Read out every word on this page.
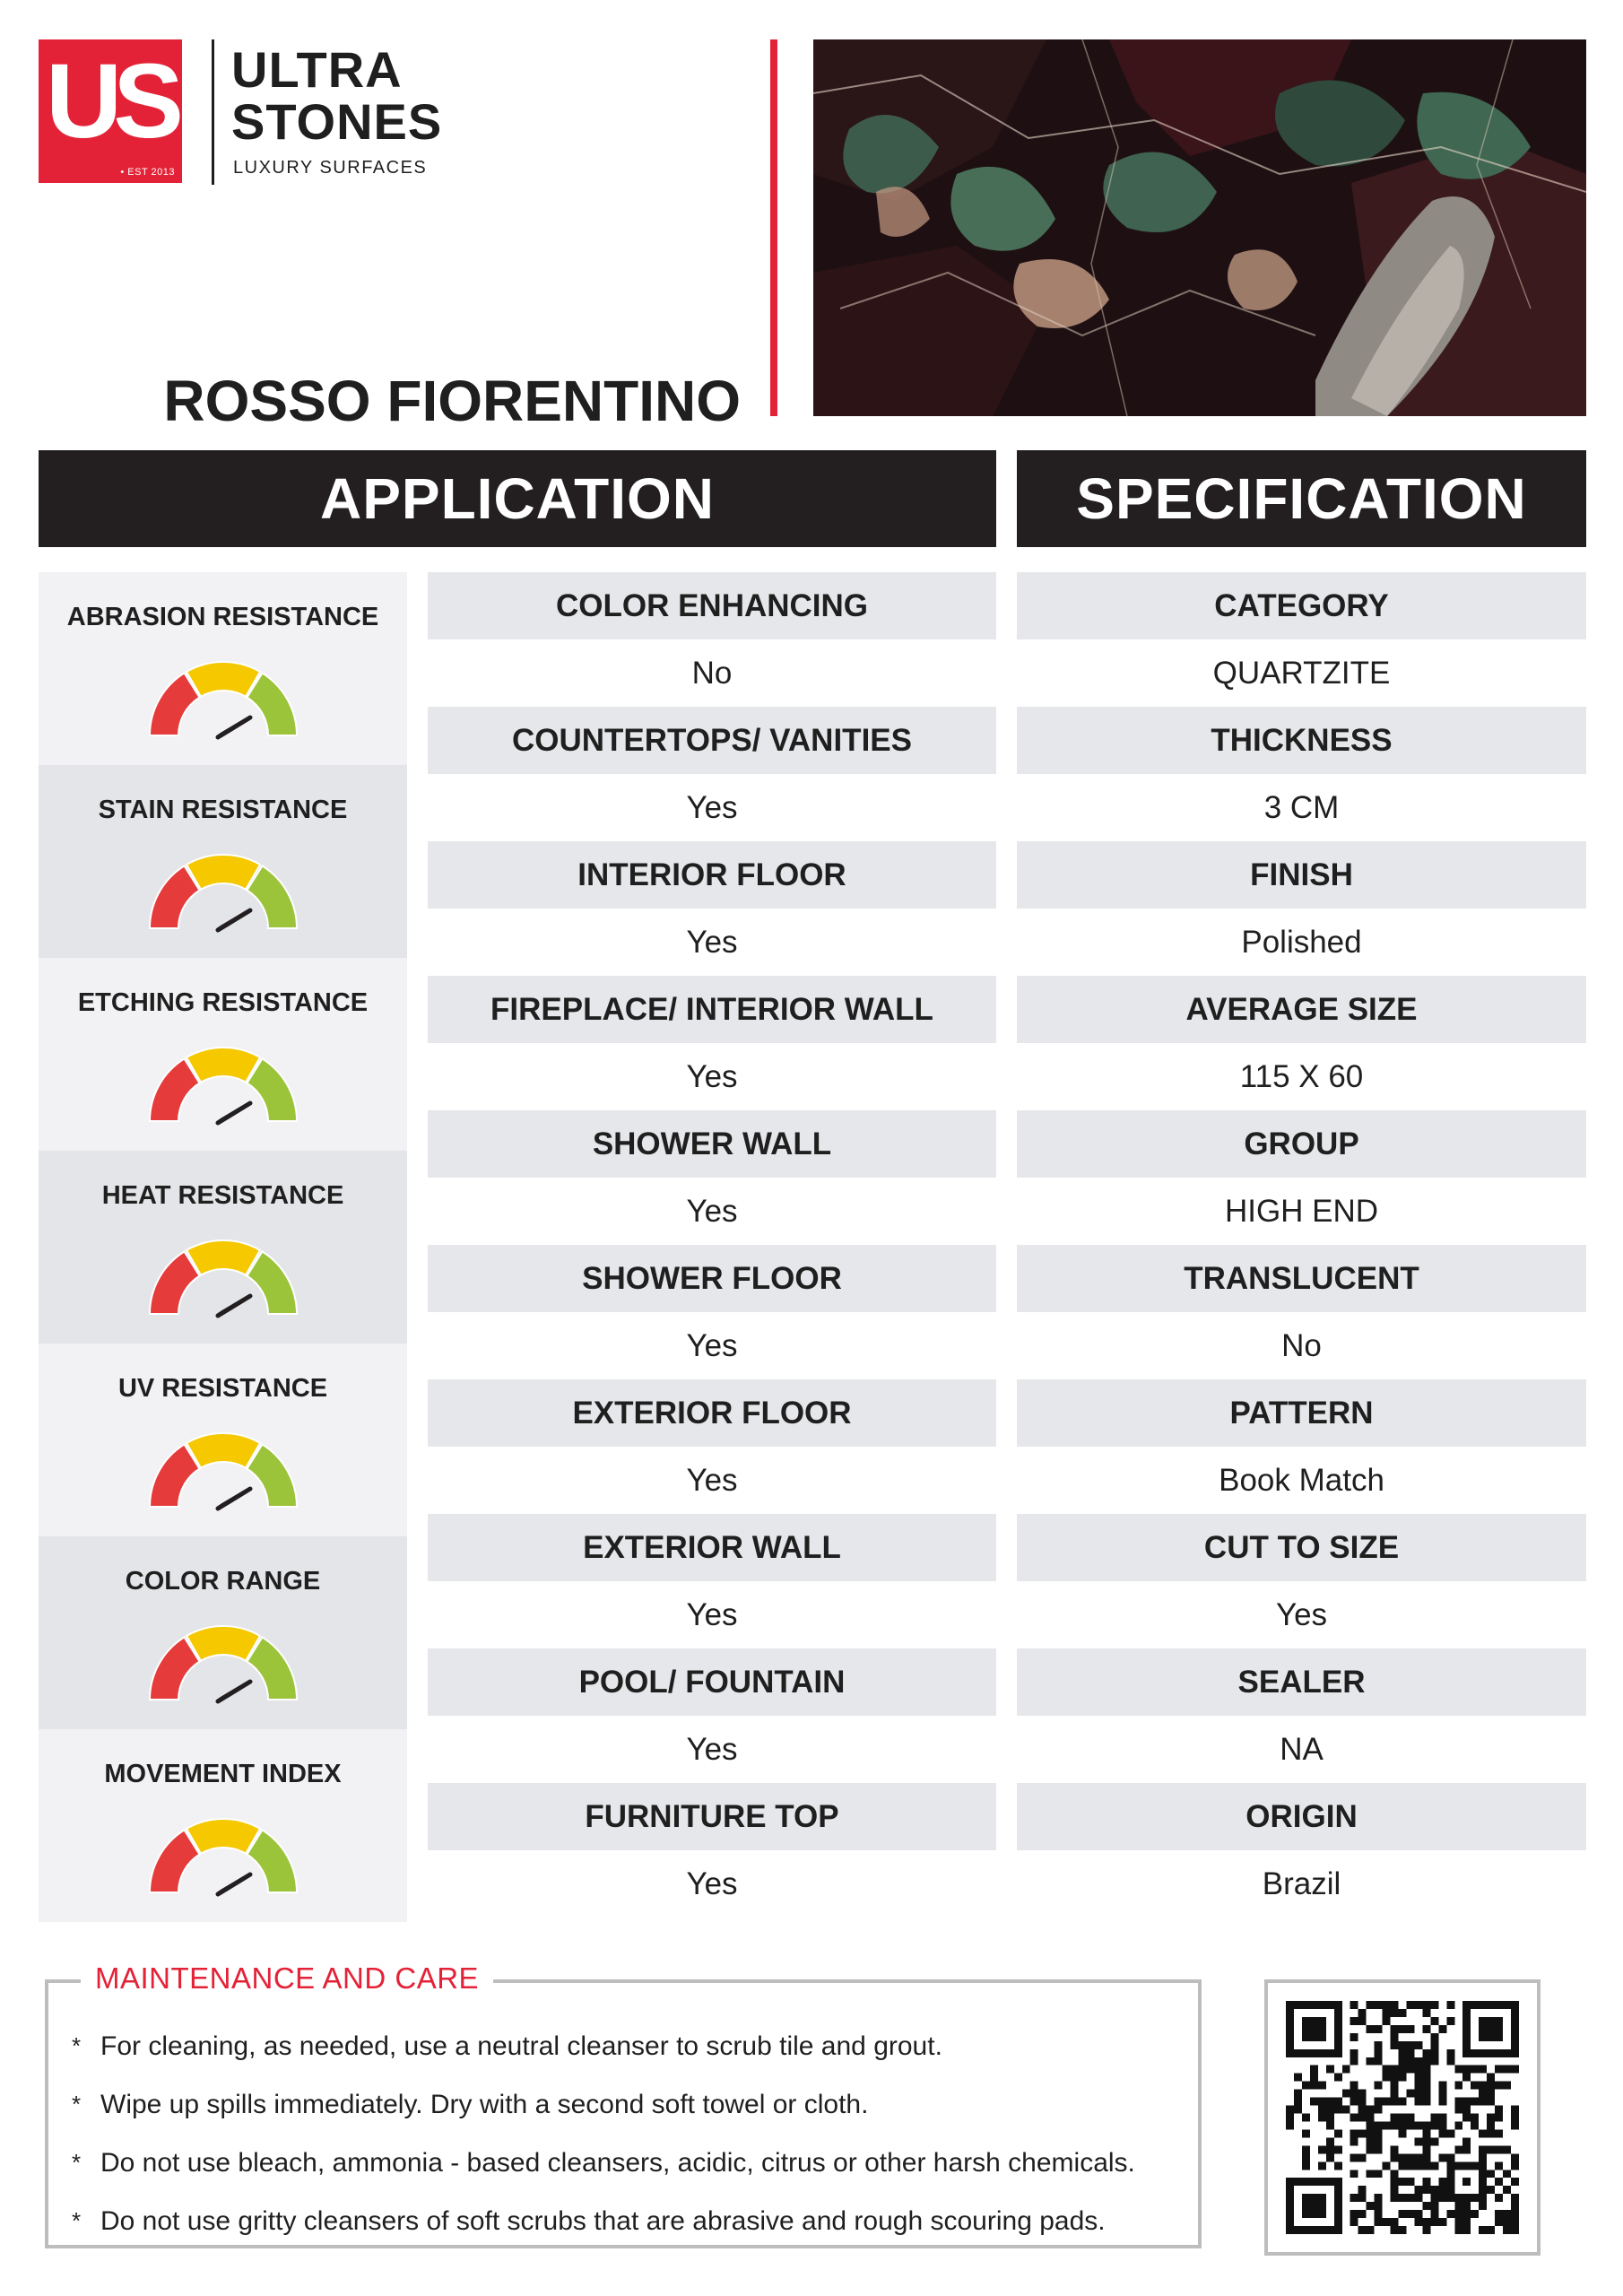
US
• EST 2013
ULTRA
STONES
LUXURY SURFACES
ROSSO FIORENTINO
APPLICATION	SPECIFICATION
ABRASION RESISTANCE
STAIN RESISTANCE
ETCHING RESISTANCE
HEAT RESISTANCE
UV RESISTANCE
COLOR RANGE
MOVEMENT INDEX
COLOR ENHANCING
No
COUNTERTOPS/ VANITIES
Yes
INTERIOR FLOOR
Yes
FIREPLACE/ INTERIOR WALL
Yes
SHOWER WALL
Yes
SHOWER FLOOR
Yes
EXTERIOR FLOOR
Yes
EXTERIOR WALL
Yes
POOL/ FOUNTAIN
Yes
FURNITURE TOP
Yes
CATEGORY
QUARTZITE
THICKNESS
3 CM
FINISH
Polished
AVERAGE SIZE
115 X 60
GROUP
HIGH END
TRANSLUCENT
No
PATTERN
Book Match
CUT TO SIZE
Yes
SEALER
NA
ORIGIN
Brazil
MAINTENANCE AND CARE
* For cleaning, as needed, use a neutral cleanser to scrub tile and grout.
* Wipe up spills immediately. Dry with a second soft towel or cloth.
* Do not use bleach, ammonia - based cleansers, acidic, citrus or other harsh chemicals.
* Do not use gritty cleansers of soft scrubs that are abrasive and rough scouring pads.
